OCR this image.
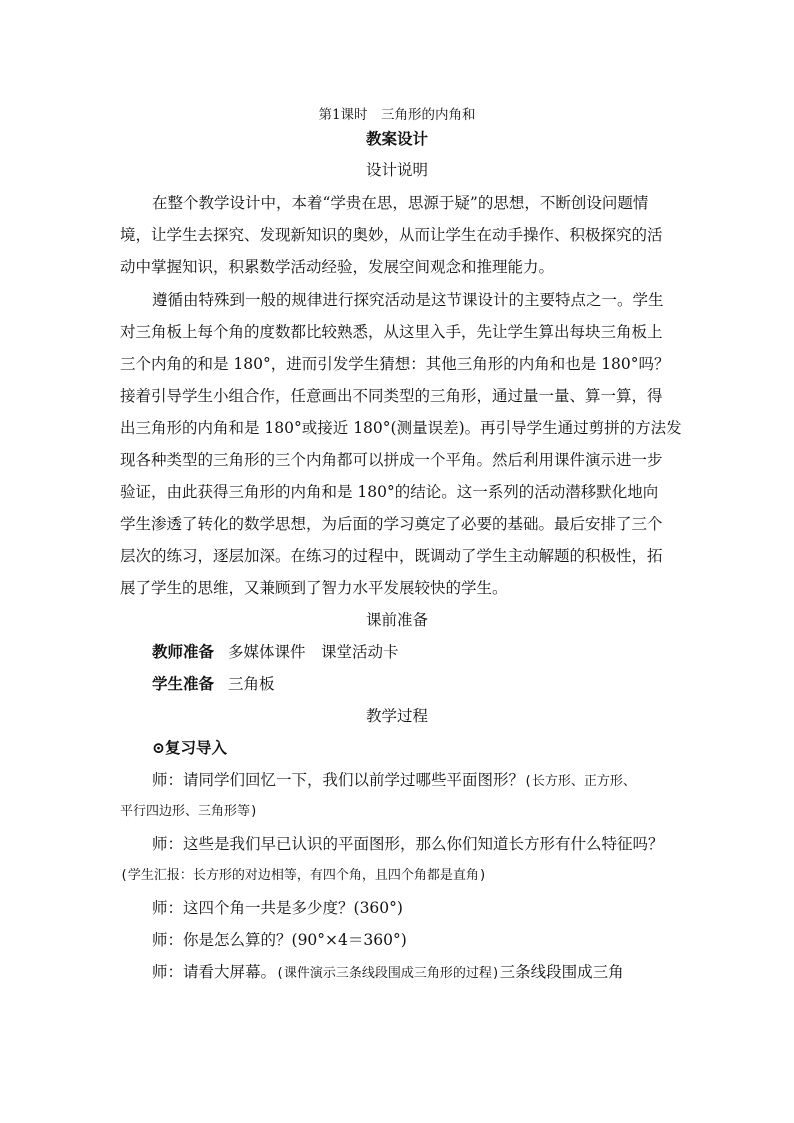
第1课时　三角形的内角和
教案设计
设计说明
在整个教学设计中，本着“学贵在思，思源于疑”的思想，不断创设问题情
境，让学生去探究、发现新知识的奥妙，从而让学生在动手操作、积极探究的活
动中掌握知识，积累数学活动经验，发展空间观念和推理能力。
遵循由特殊到一般的规律进行探究活动是这节课设计的主要特点之一。学生
对三角板上每个角的度数都比较熟悉，从这里入手，先让学生算出每块三角板上
三个内角的和是 180°，进而引发学生猜想：其他三角形的内角和也是 180°吗？
接着引导学生小组合作，任意画出不同类型的三角形，通过量一量、算一算，得
出三角形的内角和是 180°或接近 180°(测量误差)。再引导学生通过剪拼的方法发
现各种类型的三角形的三个内角都可以拼成一个平角。然后利用课件演示进一步
验证，由此获得三角形的内角和是 180°的结论。这一系列的活动潜移默化地向
学生渗透了转化的数学思想，为后面的学习奠定了必要的基础。最后安排了三个
层次的练习，逐层加深。在练习的过程中，既调动了学生主动解题的积极性，拓
展了学生的思维，又兼顾到了智力水平发展较快的学生。
课前准备
教师准备 多媒体课件　课堂活动卡
学生准备 三角板
教学过程
⊙复习导入
师：请同学们回忆一下，我们以前学过哪些平面图形？(长方形、正方形、
平行四边形、三角形等)
师：这些是我们早已认识的平面图形，那么你们知道长方形有什么特征吗？
(学生汇报：长方形的对边相等，有四个角，且四个角都是直角)
师：这四个角一共是多少度？(360°)
师：你是怎么算的？(90°×4＝360°)
师：请看大屏幕。(课件演示三条线段围成三角形的过程)三条线段围成三角
